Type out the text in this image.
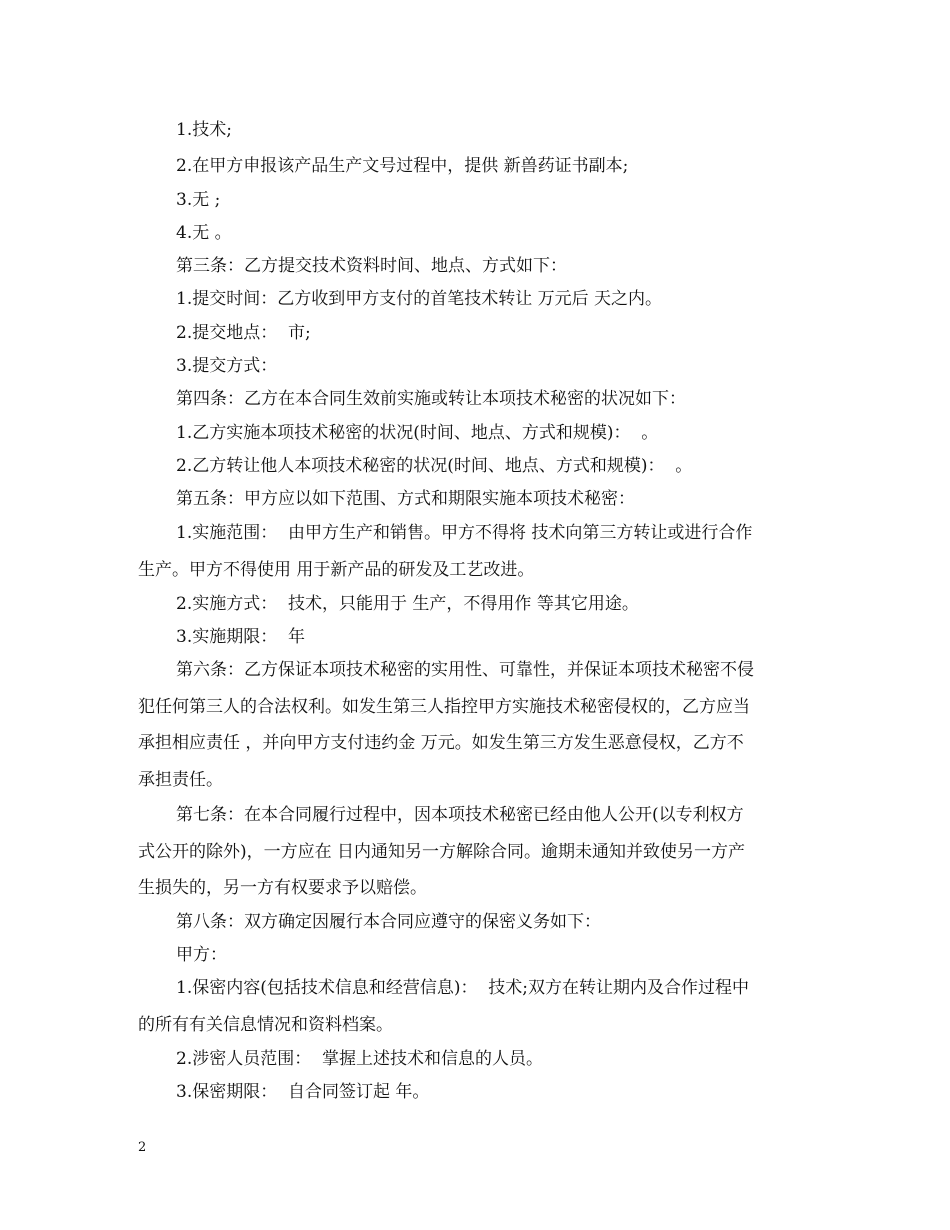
1.技术;
2.在甲方申报该产品生产文号过程中，提供 新兽药证书副本;
3.无 ;
4.无 。
第三条：乙方提交技术资料时间、地点、方式如下：
1.提交时间：乙方收到甲方支付的首笔技术转让 万元后 天之内。
2.提交地点：  市;
3.提交方式：
第四条：乙方在本合同生效前实施或转让本项技术秘密的状况如下：
1.乙方实施本项技术秘密的状况(时间、地点、方式和规模)：  。
2.乙方转让他人本项技术秘密的状况(时间、地点、方式和规模)：  。
第五条：甲方应以如下范围、方式和期限实施本项技术秘密：
1.实施范围：  由甲方生产和销售。甲方不得将 技术向第三方转让或进行合作
生产。甲方不得使用 用于新产品的研发及工艺改进。
2.实施方式：  技术，只能用于 生产，不得用作 等其它用途。
3.实施期限：  年
第六条：乙方保证本项技术秘密的实用性、可靠性，并保证本项技术秘密不侵
犯任何第三人的合法权利。如发生第三人指控甲方实施技术秘密侵权的，乙方应当
承担相应责任 ，并向甲方支付违约金 万元。如发生第三方发生恶意侵权，乙方不
承担责任。
第七条：在本合同履行过程中，因本项技术秘密已经由他人公开(以专利权方
式公开的除外)，一方应在 日内通知另一方解除合同。逾期未通知并致使另一方产
生损失的，另一方有权要求予以赔偿。
第八条：双方确定因履行本合同应遵守的保密义务如下：
甲方：
1.保密内容(包括技术信息和经营信息)：  技术;双方在转让期内及合作过程中
的所有有关信息情况和资料档案。
2.涉密人员范围：  掌握上述技术和信息的人员。
3.保密期限：  自合同签订起 年。
2
